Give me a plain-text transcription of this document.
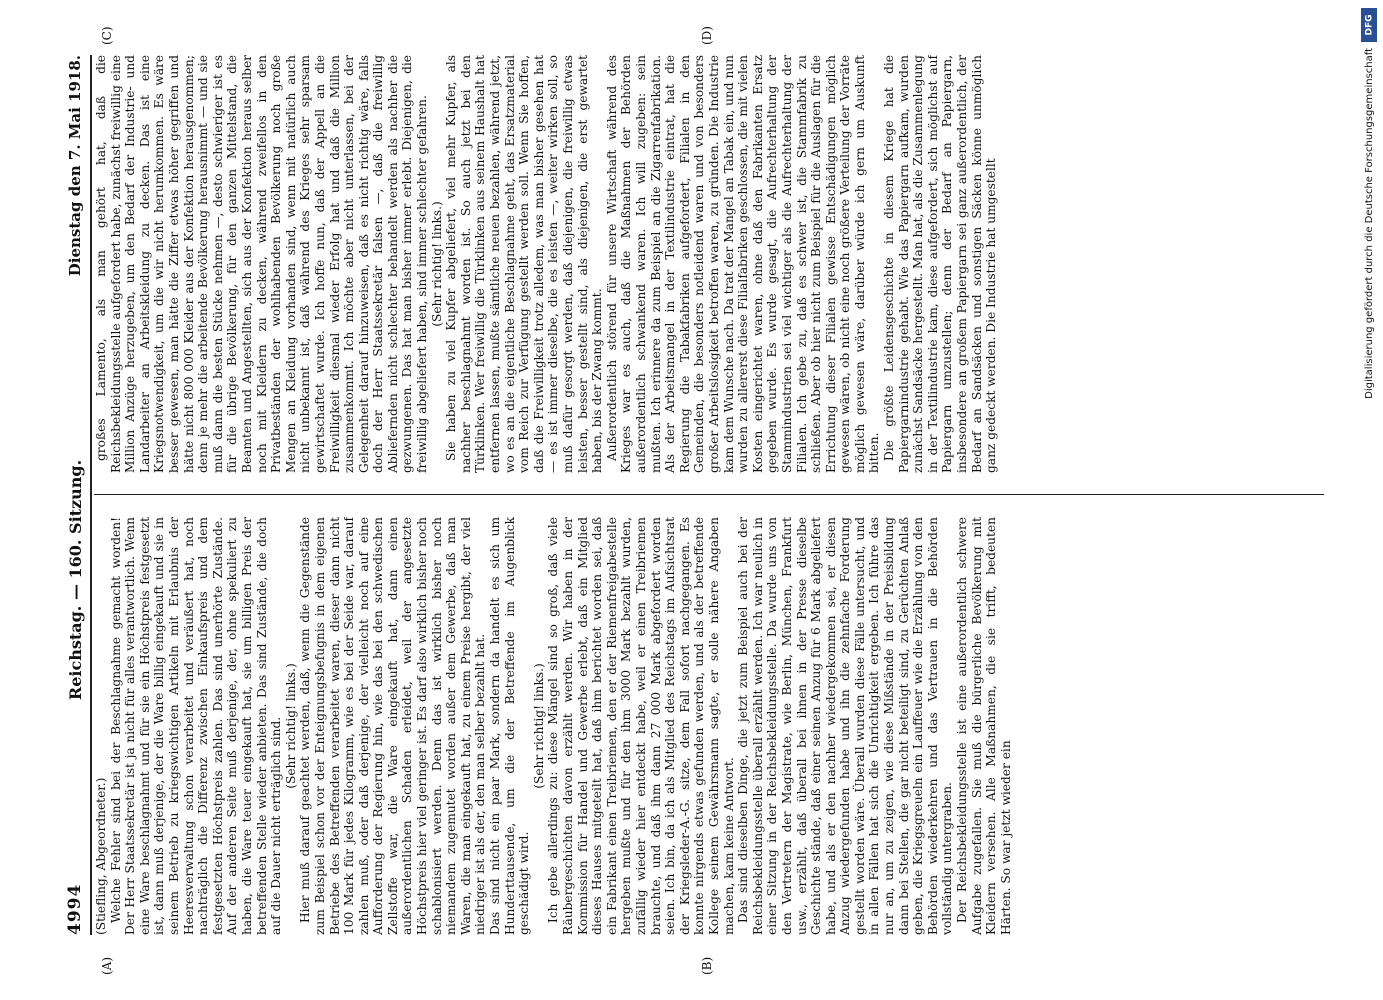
4994
Reichstag. — 160. Sitzung.
Dienstag den 7. Mai 1918.

(Stiefling, Abgeordneter.) Welche Fehler sind bei der Beschlagnahme gemacht worden! Der Herr Staatssekretär ist ja nicht für alles verantwortlich. Wenn eine Ware beschlagnahmt und für sie ein Höchstpreis festgesetzt ist, dann muß derjenige, der die Ware billig eingekauft und sie in seinem Betrieb zu kriegswichtigen Artikeln mit Erlaubnis der Heeresverwaltung schon verarbeitet und veräußert hat, noch nachträglich die Differenz zwischen Einkaufspreis und dem festgesetzten Höchstpreis zahlen. Das sind unerhörte Zustände. Auf der anderen Seite muß derjenige, der, ohne spekuliert zu haben, die Ware teuer eingekauft hat, sie um billigen Preis der betreffenden Stelle wieder anbieten. Das sind Zustände, die doch auf die Dauer nicht erträglich sind. (Sehr richtig! links.) Hier muß darauf geachtet werden, daß, wenn die Gegenstände zum Beispiel schon vor der Enteignungsbefugnis in dem eigenen Betriebe des Betreffenden verarbeitet waren, dieser dann nicht 100 Mark für jedes Kilogramm, wie es bei der Seide war, darauf zahlen muß, oder daß derjenige, der vielleicht noch auf eine Aufforderung der Regierung hin, wie das bei den schwedischen Zellstoffe war, die Ware eingekauft hat, dann einen außerordentlichen Schaden erleidet, weil der angesetzte Höchstpreis hier viel geringer ist. Es darf also wirklich bisher noch schablonisiert werden. Denn das ist wirklich bisher noch niemandem zugemutet worden außer dem Gewerbe, daß man Waren, die man eingekauft hat, zu einem Preise hergibt, der viel niedriger ist als der, den man selber bezahlt hat. Das sind nicht ein paar Mark, sondern da handelt es sich um Hunderttausende, um die der Betreffende im Augenblick geschädigt wird.

(Sehr richtig! links.) Ich gebe allerdings zu: diese Mängel sind so groß, daß viele Räubergeschichten davon erzählt werden. Wir haben in der Kommission für Handel und Gewerbe erlebt, daß ein Mitglied dieses Hauses mitgeteilt hat, daß ihm berichtet worden sei, daß ein Fabrikant einen Treibriemen, den er der Riemenfreigabestelle hergeben mußte und für den ihm 3000 Mark bezahlt wurden, zufällig wieder hier entdeckt habe, weil er einen Treibriemen brauchte, und daß ihm dann 27 000 Mark abgefordert worden seien. Ich bin, da ich als Mitglied des Reichstags im Aufsichtsrat der Kriegsleder-A.-G. sitze, dem Fall sofort nachgegangen. Es konnte nirgends etwas gefunden werden, und als der betreffende Kollege seinem Gewährsmann sagte, er solle nähere Angaben machen, kam keine Antwort. Das sind dieselben Dinge, die jetzt zum Beispiel auch bei der Reichsbekleidungsstelle überall erzählt werden. Ich war neulich in einer Sitzung in der Reichsbekleidungsstelle. Da wurde uns von den Vertretern der Magistrate, wie Berlin, München, Frankfurt usw., erzählt, daß überall bei ihnen in der Presse dieselbe Geschichte stände, daß einer seinen Anzug für 6 Mark abgeliefert habe, und als er den nachher wiedergekommen sei, er diesen Anzug wiedergefunden habe und ihn die zehnfache Forderung gestellt worden wäre. Überall wurden diese Fälle untersucht, und in allen Fällen hat sich die Unrichtigkeit ergeben. Ich führe das nur an, um zu zeigen, wie diese Mißstände in der Preisbildung dann bei Stellen, die gar nicht beteiligt sind, zu Gerüchten Anlaß geben, die Kriegsgreueln ein Lauffeuer wie die Erzählung von den Behörden wiederkehren und das Vertrauen in die Behörden vollständig untergraben. Der Reichsbekleidungsstelle ist eine außerordentlich schwere Aufgabe zugefallen. Sie muß die bürgerliche Bevölkerung mit Kleidern versehen. Alle Maßnahmen, die sie trifft, bedeuten Härten. So war jetzt wieder ein

großes Lamento, als man gehört hat, daß die Reichsbekleidungsstelle aufgefordert habe, zunächst freiwillig eine Million Anzüge herzugeben, um den Bedarf der Industrie- und Landarbeiter an Arbeitskleidung zu decken. Das ist eine Kriegsnotwendigkeit, um die wir nicht herumkommen. Es wäre besser gewesen, man hätte die Ziffer etwas höher gegriffen und hätte nicht 800 000 Kleider aus der Konfektion herausgenommen; denn je mehr die arbeitende Bevölkerung herausnimmt — und sie muß dann die besten Stücke nehmen —, desto schwieriger ist es für die übrige Bevölkerung, für den ganzen Mittelstand, die Beamten und Angestellten, sich aus der Konfektion heraus selber noch mit Kleidern zu decken, während zweifellos in den Privatbeständen der wohlhabenden Bevölkerung noch große Mengen an Kleidung vorhanden sind, wenn mit natürlich auch nicht unbekannt ist, daß während des Krieges sehr sparsam gewirtschaftet wurde. Ich hoffe nun, daß der Appell an die Freiwilligkeit diesmal wieder Erfolg hat und daß die Million zusammenkommt. Ich möchte aber nicht unterlassen, bei der Gelegenheit darauf hinzuweisen, daß es nicht richtig wäre, falls doch der Herr Staatssekretär falsen —, daß die freiwillig Abliefernden nicht schlechter behandelt werden als nachher die gezwungenen. Das hat man bisher immer erlebt. Diejenigen, die freiwillig abgeliefert haben, sind immer schlechter gefahren. (Sehr richtig! links.) Sie haben zu viel Kupfer abgeliefert, viel mehr Kupfer, als nachher beschlagnahmt worden ist. So auch jetzt bei den Türklinken. Wer freiwillig die Türklinken aus seinem Haushalt hat entfernen lassen, mußte sämtliche neuen bezahlen, während jetzt, wo es an die eigentliche Beschlagnahme geht, das Ersatzmaterial vom Reich zur Verfügung gestellt werden soll. Wenn Sie hoffen, daß die Freiwilligkeit trotz alledem, was man bisher gesehen hat — es ist immer dieselbe, die es leisten —, weiter wirken soll, so muß dafür gesorgt werden, daß diejenigen, die freiwillig etwas leisten, besser gestellt sind, als diejenigen, die erst gewartet haben, bis der Zwang kommt. Außerordentlich störend für unsere Wirtschaft während des Krieges war es auch, daß die Maßnahmen der Behörden außerordentlich schwankend waren. Ich will zugeben: sein mußten. Ich erinnere da zum Beispiel an die Zigarrenfabrikation. Als der Arbeitsmangel in der Textilindustrie eintrat, hat die Regierung die Tabakfabriken aufgefordert, Filialen in den Gemeinden, die besonders notleidend waren und von besonders großer Arbeitslosigkeit betroffen waren, zu gründen. Die Industrie kam dem Wunsche nach. Da trat der Mangel an Tabak ein, und nun wurden zu allererst diese Filialfabriken geschlossen, die mit vielen Kosten eingerichtet waren, ohne daß den Fabrikanten Ersatz gegeben wurde. Es wurde gesagt, die Aufrechterhaltung der Stammindustrien sei viel wichtiger als die Aufrechterhaltung der Filialen. Ich gebe zu, daß es schwer ist, die Stammfabrik zu schließen. Aber ob hier nicht zum Beispiel für die Auslagen für die Errichtung dieser Filialen gewisse Entschädigungen möglich gewesen wären, ob nicht eine noch größere Verteilung der Vorräte möglich gewesen wäre, darüber würde ich gern um Auskunft bitten. Die größte Leidensgeschichte in diesem Kriege hat die Papiergarnindustrie gehabt. Wie das Papiergarn aufkam, wurden zunächst Sandsäcke hergestellt. Man hat, als die Zusammenlegung in der Textilindustrie kam, diese aufgefordert, sich möglichst auf Papiergarn umzustellen; denn der Bedarf an Papiergarn, insbesondere an großem Papiergarn sei ganz außerordentlich, der Bedarf an Sandsäcken und sonstigen Säcken könne unmöglich ganz gedeckt werden. Die Industrie hat umgestellt

(A)	(B)
(C)	(D)	DFG
Digitalisierung gefördert durch die Deutsche Forschungsgemeinschaft
